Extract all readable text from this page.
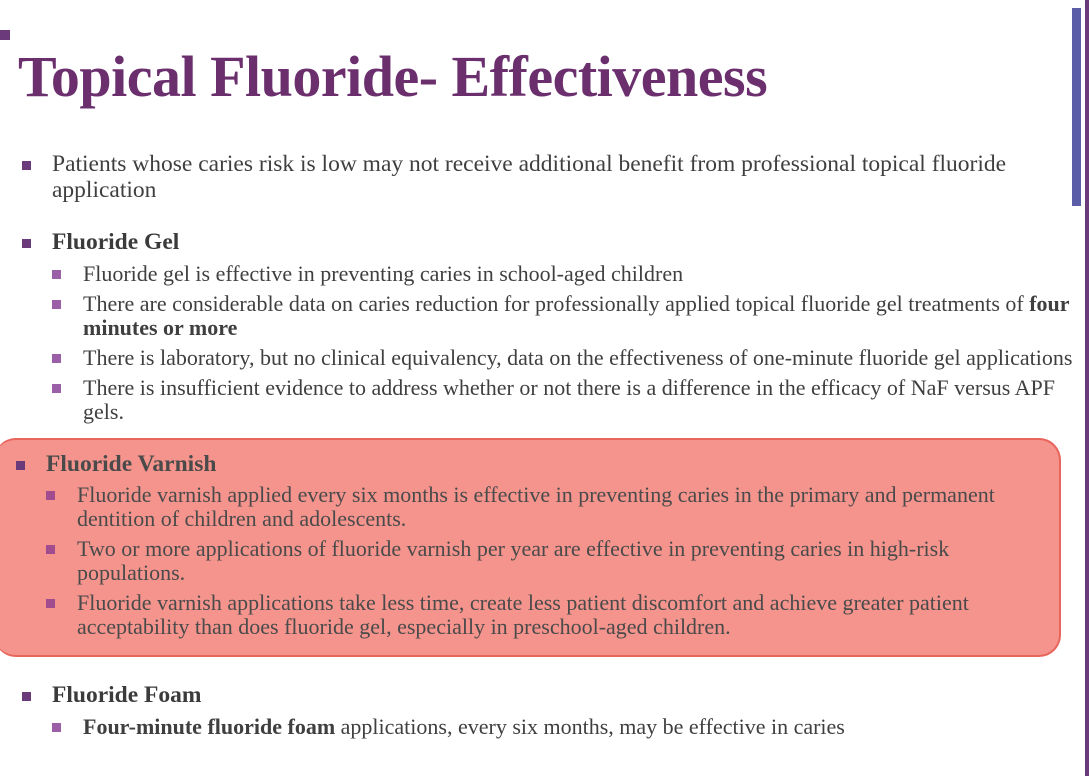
Topical Fluoride- Effectiveness
Patients whose caries risk is low may not receive additional benefit from professional topical fluoride application
Fluoride Gel
Fluoride gel is effective in preventing caries in school-aged children
There are considerable data on caries reduction for professionally applied topical fluoride gel treatments of four minutes or more
There is laboratory, but no clinical equivalency, data on the effectiveness of one-minute fluoride gel applications
There is insufficient evidence to address whether or not there is a difference in the efficacy of NaF versus APF gels.
Fluoride Varnish
Fluoride varnish applied every six months is effective in preventing caries in the primary and permanent dentition of children and adolescents.
Two or more applications of fluoride varnish per year are effective in preventing caries in high-risk populations.
Fluoride varnish applications take less time, create less patient discomfort and achieve greater patient acceptability than does fluoride gel, especially in preschool-aged children.
Fluoride Foam
Four-minute fluoride foam applications, every six months, may be effective in caries
